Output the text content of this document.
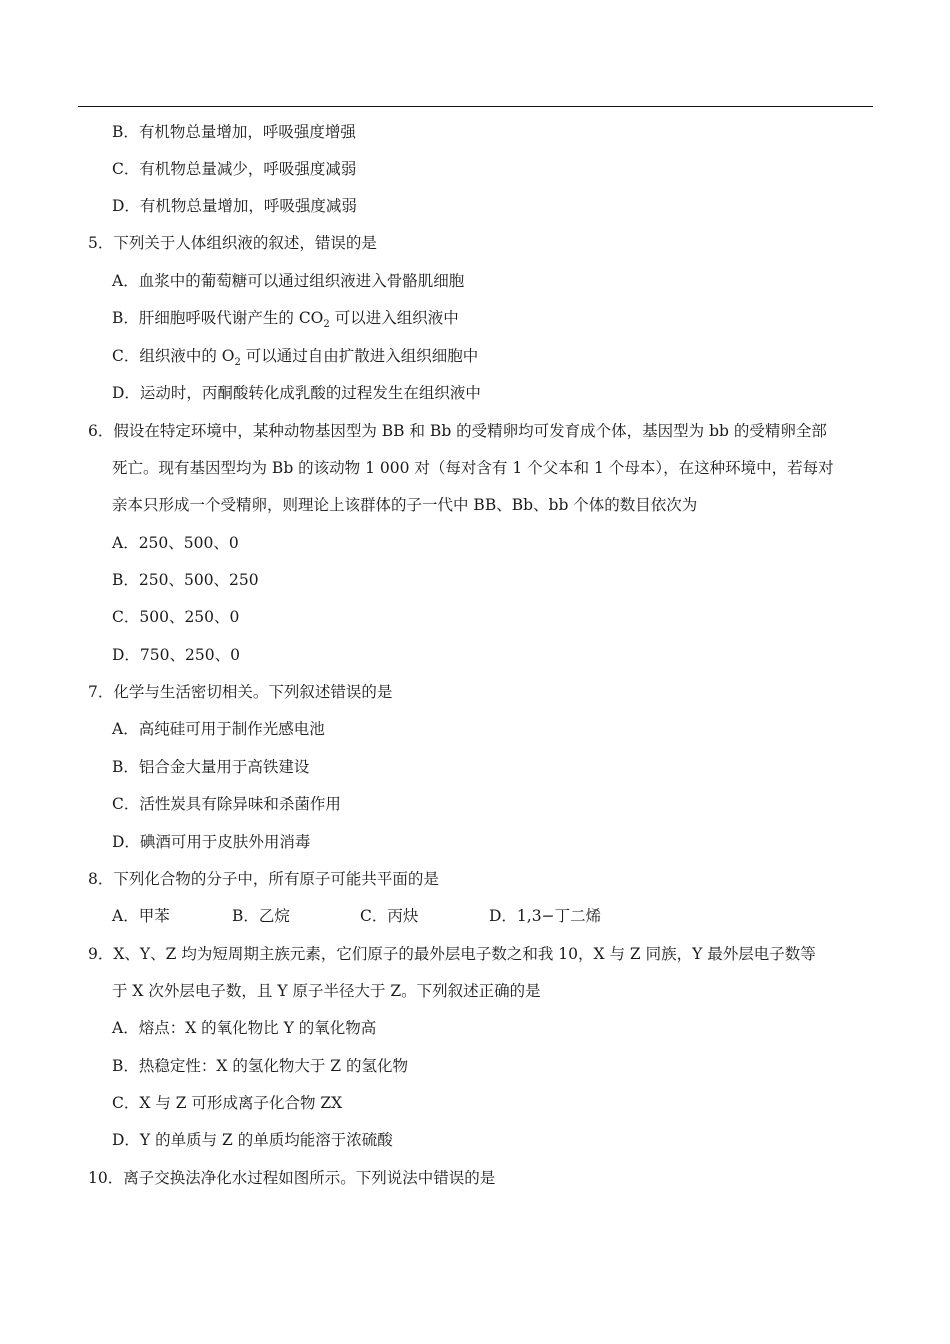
B．有机物总量增加，呼吸强度增强
C．有机物总量减少，呼吸强度减弱
D．有机物总量增加，呼吸强度减弱
5．下列关于人体组织液的叙述，错误的是
A．血浆中的葡萄糖可以通过组织液进入骨骼肌细胞
B．肝细胞呼吸代谢产生的 $CO_2$ 可以进入组织液中
C．组织液中的 $O_2$ 可以通过自由扩散进入组织细胞中
D．运动时，丙酮酸转化成乳酸的过程发生在组织液中
6．假设在特定环境中，某种动物基因型为 BB 和 Bb 的受精卵均可发育成个体，基因型为 bb 的受精卵全部
死亡。现有基因型均为 Bb 的该动物 1 000 对（每对含有 1 个父本和 1 个母本），在这种环境中，若每对
亲本只形成一个受精卵，则理论上该群体的子一代中 BB、Bb、bb 个体的数目依次为
A．250、500、0
B．250、500、250
C．500、250、0
D．750、250、0
7．化学与生活密切相关。下列叙述错误的是
A．高纯硅可用于制作光感电池
B．铝合金大量用于高铁建设
C．活性炭具有除异味和杀菌作用
D．碘酒可用于皮肤外用消毒
8．下列化合物的分子中，所有原子可能共平面的是
A．甲苯	B．乙烷	C．丙炔	D．1,3−丁二烯
9．X、Y、Z 均为短周期主族元素，它们原子的最外层电子数之和我 10，X 与 Z 同族，Y 最外层电子数等
于 X 次外层电子数，且 Y 原子半径大于 Z。下列叙述正确的是
A．熔点：X 的氧化物比 Y 的氧化物高
B．热稳定性：X 的氢化物大于 Z 的氢化物
C．X 与 Z 可形成离子化合物 ZX
D．Y 的单质与 Z 的单质均能溶于浓硫酸
10．离子交换法净化水过程如图所示。下列说法中错误的是
